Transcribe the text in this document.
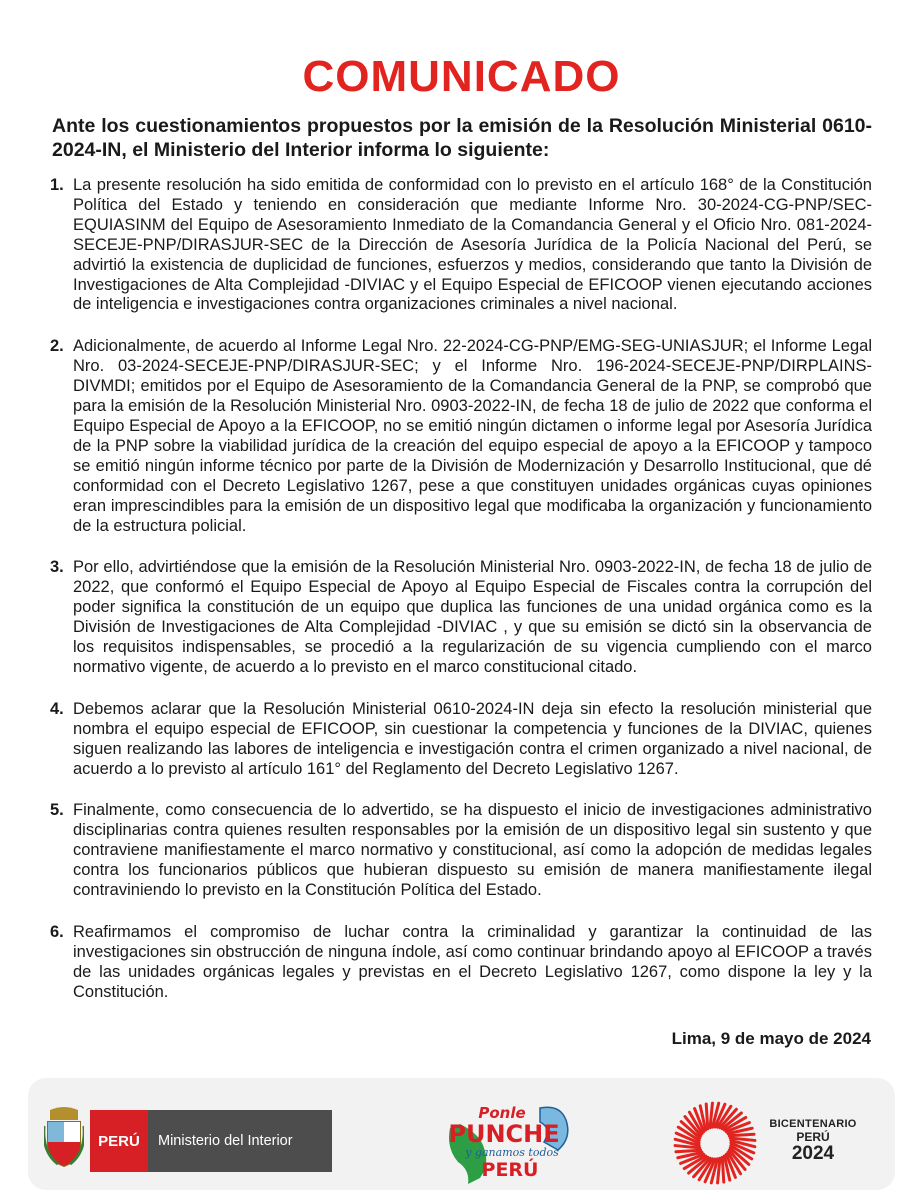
COMUNICADO
Ante los cuestionamientos propuestos por la emisión de la Resolución Ministerial 0610-2024-IN, el Ministerio del Interior informa lo siguiente:
1. La presente resolución ha sido emitida de conformidad con lo previsto en el artículo 168° de la Constitución Política del Estado y teniendo en consideración que mediante Informe Nro. 30-2024-CG-PNP/SEC-EQUIASINM del Equipo de Asesoramiento Inmediato de la Comandancia General y el Oficio Nro. 081-2024-SECEJE-PNP/DIRASJUR-SEC de la Dirección de Asesoría Jurídica de la Policía Nacional del Perú, se advirtió la existencia de duplicidad de funciones, esfuerzos y medios, considerando que tanto la División de Investigaciones de Alta Complejidad -DIVIAC y el Equipo Especial de EFICOOP vienen ejecutando acciones de inteligencia e investigaciones contra organizaciones criminales a nivel nacional.
2. Adicionalmente, de acuerdo al Informe Legal Nro. 22-2024-CG-PNP/EMG-SEG-UNIASJUR; el Informe Legal Nro. 03-2024-SECEJE-PNP/DIRASJUR-SEC; y el Informe Nro. 196-2024-SECEJE-PNP/DIRPLAINS-DIVMDI; emitidos por el Equipo de Asesoramiento de la Comandancia General de la PNP, se comprobó que para la emisión de la Resolución Ministerial Nro. 0903-2022-IN, de fecha 18 de julio de 2022 que conforma el Equipo Especial de Apoyo a la EFICOOP, no se emitió ningún dictamen o informe legal por Asesoría Jurídica de la PNP sobre la viabilidad jurídica de la creación del equipo especial de apoyo a la EFICOOP y tampoco se emitió ningún informe técnico por parte de la División de Modernización y Desarrollo Institucional, que dé conformidad con el Decreto Legislativo 1267, pese a que constituyen unidades orgánicas cuyas opiniones eran imprescindibles para la emisión de un dispositivo legal que modificaba la organización y funcionamiento de la estructura policial.
3. Por ello, advirtiéndose que la emisión de la Resolución Ministerial Nro. 0903-2022-IN, de fecha 18 de julio de 2022, que conformó el Equipo Especial de Apoyo al Equipo Especial de Fiscales contra la corrupción del poder significa la constitución de un equipo que duplica las funciones de una unidad orgánica como es la División de Investigaciones de Alta Complejidad -DIVIAC , y que su emisión se dictó sin la observancia de los requisitos indispensables, se procedió a la regularización de su vigencia cumpliendo con el marco normativo vigente, de acuerdo a lo previsto en el marco constitucional citado.
4. Debemos aclarar que la Resolución Ministerial 0610-2024-IN deja sin efecto la resolución ministerial que nombra el equipo especial de EFICOOP, sin cuestionar la competencia y funciones de la DIVIAC, quienes siguen realizando las labores de inteligencia e investigación contra el crimen organizado a nivel nacional, de acuerdo a lo previsto al artículo 161° del Reglamento del Decreto Legislativo 1267.
5. Finalmente, como consecuencia de lo advertido, se ha dispuesto el inicio de investigaciones administrativo disciplinarias contra quienes resulten responsables por la emisión de un dispositivo legal sin sustento y que contraviene manifiestamente el marco normativo y constitucional, así como la adopción de medidas legales contra los funcionarios públicos que hubieran dispuesto su emisión de manera manifiestamente ilegal contraviniendo lo previsto en la Constitución Política del Estado.
6. Reafirmamos el compromiso de luchar contra la criminalidad y garantizar la continuidad de las investigaciones sin obstrucción de ninguna índole, así como continuar brindando apoyo al EFICOOP a través de las unidades orgánicas legales y previstas en el Decreto Legislativo 1267, como dispone la ley y la Constitución.
Lima, 9 de mayo de 2024
PERÚ	Ministerio del Interior
Ponle
PUNCHE
y ganamos todos
PERÚ
BICENTENARIO
PERÚ
2024
